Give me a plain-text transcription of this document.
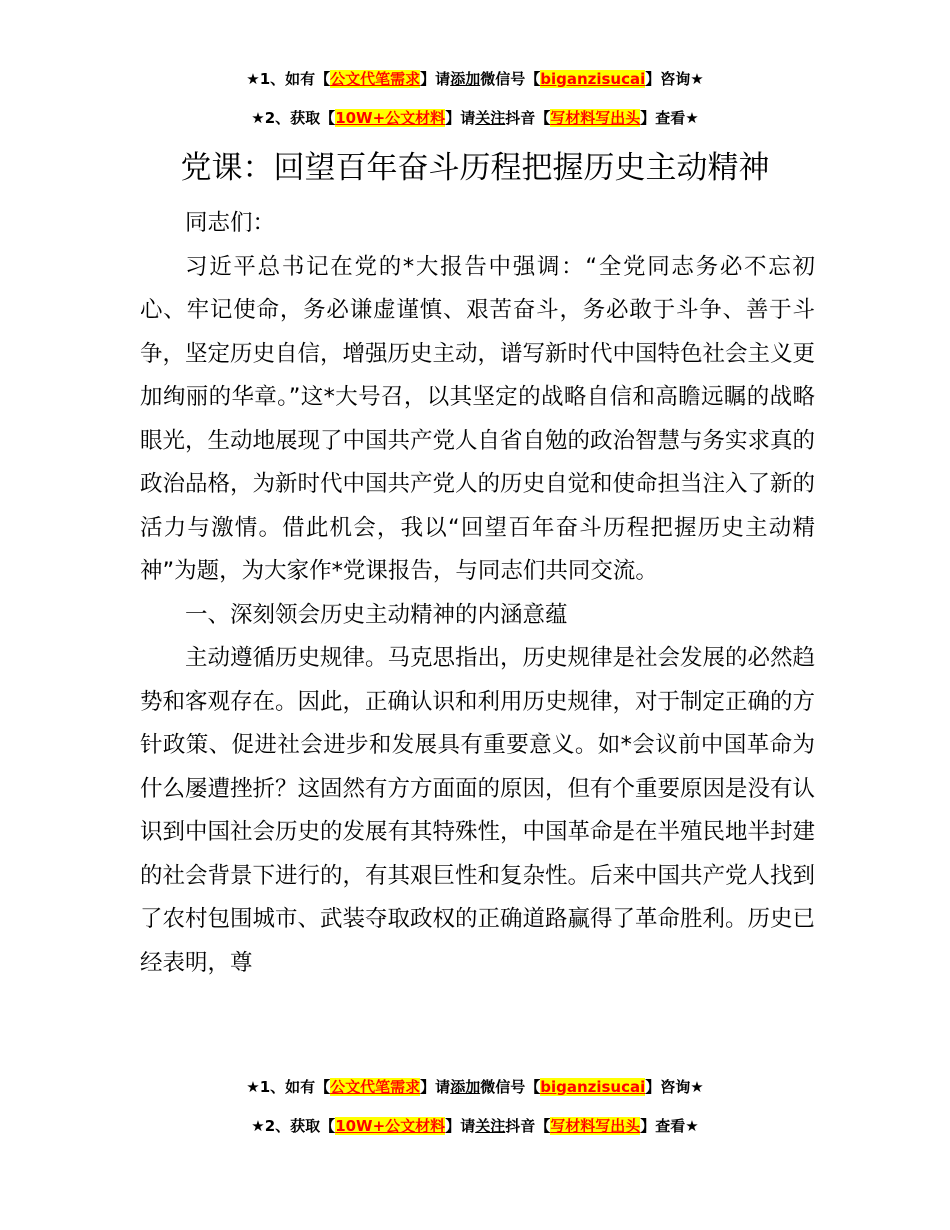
★1、如有【公文代笔需求】请添加微信号【biganzisucai】咨询★
★2、获取【10W+公文材料】请关注抖音【写材料写出头】查看★
党课：回望百年奋斗历程把握历史主动精神

同志们：

习近平总书记在党的*大报告中强调：“全党同志务必不忘初心、牢记使命，务必谦虚谨慎、艰苦奋斗，务必敢于斗争、善于斗争，坚定历史自信，增强历史主动，谱写新时代中国特色社会主义更加绚丽的华章。”这*大号召，以其坚定的战略自信和高瞻远瞩的战略眼光，生动地展现了中国共产党人自省自勉的政治智慧与务实求真的政治品格，为新时代中国共产党人的历史自觉和使命担当注入了新的活力与激情。借此机会，我以“回望百年奋斗历程把握历史主动精神”为题，为大家作*党课报告，与同志们共同交流。

一、深刻领会历史主动精神的内涵意蕴

主动遵循历史规律。马克思指出，历史规律是社会发展的必然趋势和客观存在。因此，正确认识和利用历史规律，对于制定正确的方针政策、促进社会进步和发展具有重要意义。如*会议前中国革命为什么屡遭挫折？这固然有方方面面的原因，但有个重要原因是没有认识到中国社会历史的发展有其特殊性，中国革命是在半殖民地半封建的社会背景下进行的，有其艰巨性和复杂性。后来中国共产党人找到了农村包围城市、武装夺取政权的正确道路赢得了革命胜利。历史已经表明，尊

★1、如有【公文代笔需求】请添加微信号【biganzisucai】咨询★
★2、获取【10W+公文材料】请关注抖音【写材料写出头】查看★
